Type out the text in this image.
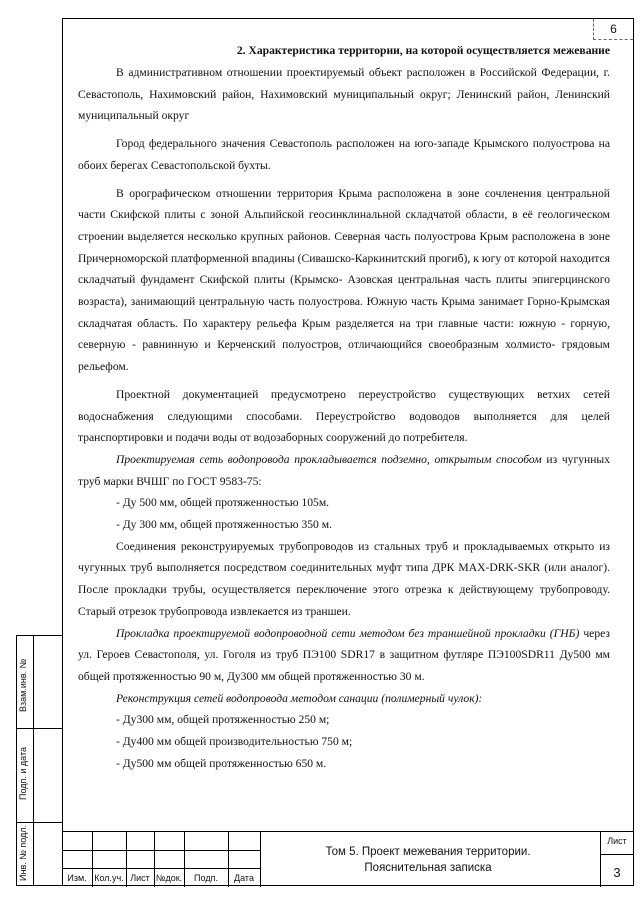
6
2. Характеристика территории, на которой осуществляется межевание

В административном отношении проектируемый объект расположен в Российской Федерации, г. Севастополь, Нахимовский район, Нахимовский муниципальный округ; Ленинский район, Ленинский муниципальный округ

Город федерального значения Севастополь расположен на юго-западе Крымского полуострова на обоих берегах Севастопольской бухты.

В орографическом отношении территория Крыма расположена в зоне сочленения центральной части Скифской плиты с зоной Альпийской геосинклинальной складчатой области, в её геологическом строении выделяется несколько крупных районов. Северная часть полуострова Крым расположена в зоне Причерноморской платформенной впадины (Сивашско-Каркинитский прогиб), к югу от которой находится складчатый фундамент Скифской плиты (Крымско- Азовская центральная часть плиты эпигерцинского возраста), занимающий центральную часть полуострова. Южную часть Крыма занимает Горно-Крымская складчатая область. По характеру рельефа Крым разделяется на три главные части: южную - горную, северную - равнинную и Керченский полуостров, отличающийся своеобразным холмисто- грядовым рельефом.

Проектной документацией предусмотрено переустройство существующих ветхих сетей водоснабжения следующими способами. Переустройство водоводов выполняется для целей транспортировки и подачи воды от водозаборных сооружений до потребителя.

Проектируемая сеть водопровода прокладывается подземно, открытым способом из чугунных труб марки ВЧШГ по ГОСТ 9583-75:

- Ду 500 мм, общей протяженностью 105м.

- Ду 300 мм, общей протяженностью 350 м.

Соединения реконструируемых трубопроводов из стальных труб и прокладываемых открыто из чугунных труб выполняется посредством соединительных муфт типа ДРК MAX-DRK-SKR (или аналог). После прокладки трубы, осуществляется переключение этого отрезка к действующему трубопроводу. Старый отрезок трубопровода извлекается из траншеи.

Прокладка проектируемой водопроводной сети методом без траншейной прокладки (ГНБ) через ул. Героев Севастополя, ул. Гоголя из труб ПЭ100 SDR17 в защитном футляре ПЭ100SDR11 Ду500 мм общей протяженностью 90 м, Ду300 мм общей протяженностью 30 м.

Реконструкция сетей водопровода методом санации (полимерный чулок):

- Ду300 мм, общей протяженностью 250 м;

- Ду400 мм общей производительностью 750 м;

- Ду500 мм общей протяженностью 650 м.

Взам.инв. №
Подп. и дата
Инв. № подл.	Изм. Кол.уч. Лист №док.	Подп.	Дата
Том 5. Проект межевания территории.
Пояснительная записка
Лист
3
